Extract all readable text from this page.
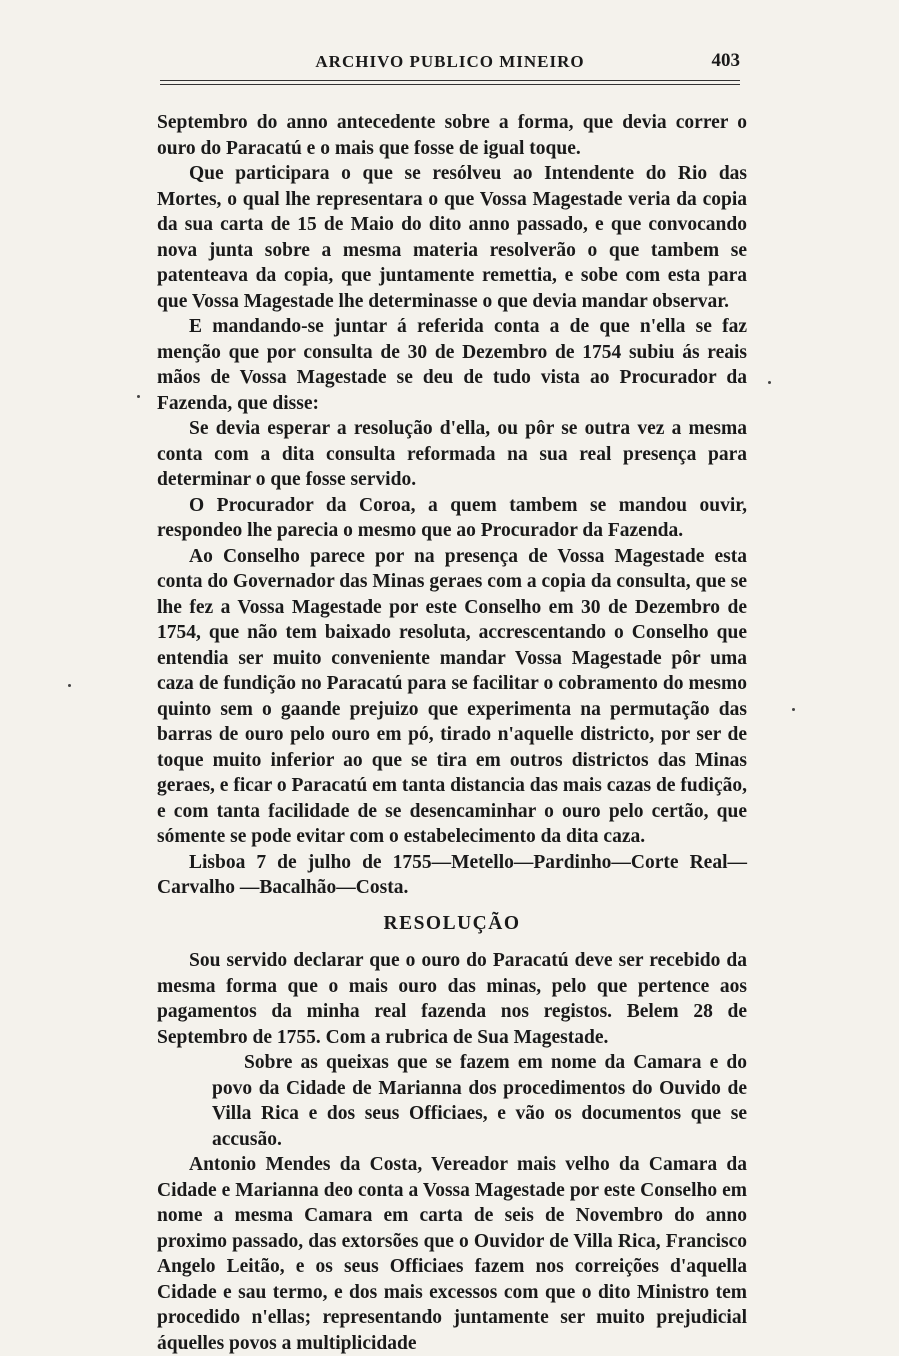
ARCHIVO PUBLICO MINEIRO	403

Septembro do anno antecedente sobre a forma, que devia correr o ouro do Paracatú e o mais que fosse de igual toque.

Que participara o que se resólveu ao Intendente do Rio das Mortes, o qual lhe representara o que Vossa Magestade veria da copia da sua carta de 15 de Maio do dito anno passado, e que convocando nova junta sobre a mesma materia resolverão o que tambem se patenteava da copia, que juntamente remettia, e sobe com esta para que Vossa Magestade lhe determinasse o que devia mandar observar.

E mandando-se juntar á referida conta a de que n'ella se faz menção que por consulta de 30 de Dezembro de 1754 subiu ás reais mãos de Vossa Magestade se deu de tudo vista ao Procurador da Fazenda, que disse:

Se devia esperar a resolução d'ella, ou pôr se outra vez a mesma conta com a dita consulta reformada na sua real presença para determinar o que fosse servido.

O Procurador da Coroa, a quem tambem se mandou ouvir, respondeo lhe parecia o mesmo que ao Procurador da Fazenda.

Ao Conselho parece por na presença de Vossa Magestade esta conta do Governador das Minas geraes com a copia da consulta, que se lhe fez a Vossa Magestade por este Conselho em 30 de Dezembro de 1754, que não tem baixado resoluta, accrescentando o Conselho que entendia ser muito conveniente mandar Vossa Magestade pôr uma caza de fundição no Paracatú para se facilitar o cobramento do mesmo quinto sem o gaande prejuizo que experimenta na permutação das barras de ouro pelo ouro em pó, tirado n'aquelle districto, por ser de toque muito inferior ao que se tira em outros districtos das Minas geraes, e ficar o Paracatú em tanta distancia das mais cazas de fudição, e com tanta facilidade de se desencaminhar o ouro pelo certão, que sómente se pode evitar com o estabelecimento da dita caza.

Lisboa 7 de julho de 1755—Metello—Pardinho—Corte Real—Carvalho —Bacalhão—Costa.

RESOLUÇÃO

Sou servido declarar que o ouro do Paracatú deve ser recebido da mesma forma que o mais ouro das minas, pelo que pertence aos pagamentos da minha real fazenda nos registos. Belem 28 de Septembro de 1755. Com a rubrica de Sua Magestade.

Sobre as queixas que se fazem em nome da Camara e do povo da Cidade de Marianna dos procedimentos do Ouvido de Villa Rica e dos seus Officiaes, e vão os documentos que se accusão.

Antonio Mendes da Costa, Vereador mais velho da Camara da Cidade e Marianna deo conta a Vossa Magestade por este Conselho em nome a mesma Camara em carta de seis de Novembro do anno proximo passado, das extorsões que o Ouvidor de Villa Rica, Francisco Angelo Leitão, e os seus Officiaes fazem nos correições d'aquella Cidade e sau termo, e dos mais excessos com que o dito Ministro tem procedido n'ellas; representando juntamente ser muito prejudicial áquelles povos a multiplicidade
